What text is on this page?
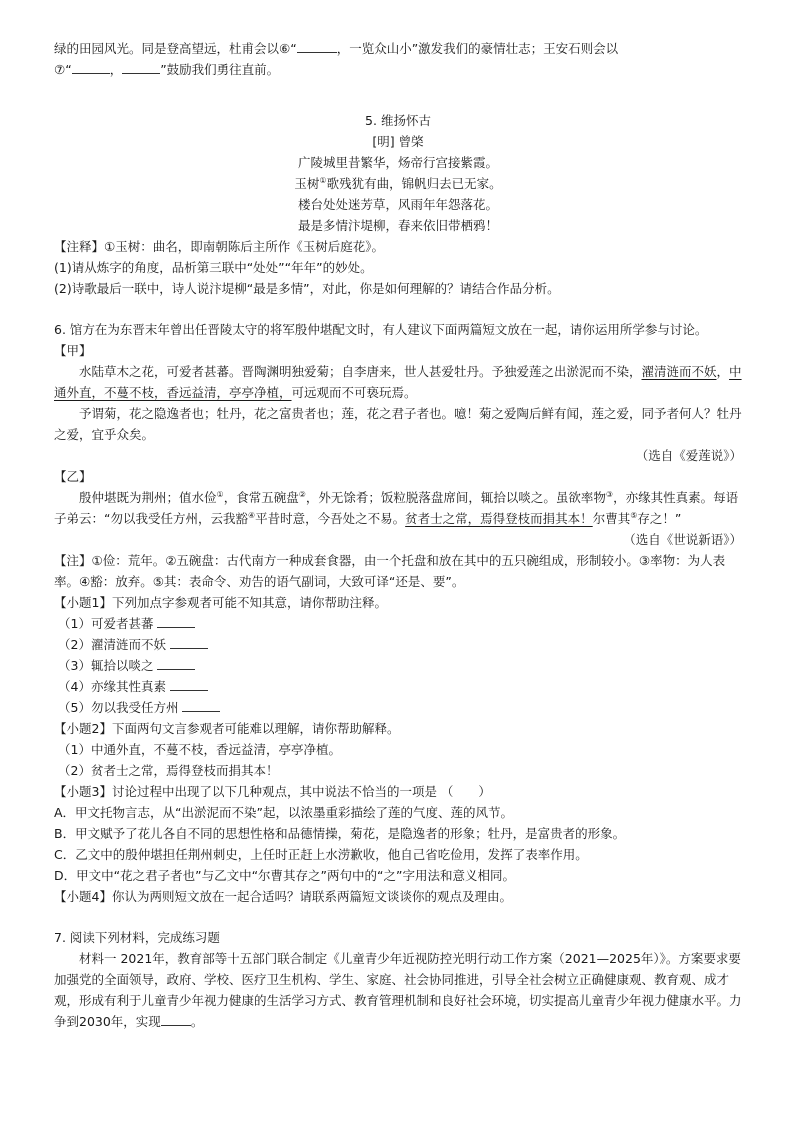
绿的田园风光。同是登高望远，杜甫会以⑥“	，一览众山小”激发我们的豪情壮志；王安石则会以

⑦“	，	”鼓励我们勇往直前。

5. 维扬怀古

[明] 曾棨

广陵城里昔繁华，炀帝行宫接紫霞。

玉树①歌残犹有曲，锦帆归去已无家。

楼台处处迷芳草，风雨年年怨落花。

最是多情汴堤柳，春来依旧带栖鸦！

【注释】①玉树：曲名，即南朝陈后主所作《玉树后庭花》。

(1)请从炼字的角度，品析第三联中“处处”“年年”的妙处。

(2)诗歌最后一联中，诗人说汴堤柳“最是多情”，对此，你是如何理解的？请结合作品分析。

6. 馆方在为东晋末年曾出任晋陵太守的将军殷仲堪配文时，有人建议下面两篇短文放在一起，请你运用所学参与讨论。

【甲】

水陆草木之花，可爱者甚蕃。晋陶渊明独爱菊；自李唐来，世人甚爱牡丹。予独爱莲之出淤泥而不染，濯清涟而不妖，中通外直，不蔓不枝，香远益清，亭亭净植，可远观而不可亵玩焉。

予谓菊，花之隐逸者也；牡丹，花之富贵者也；莲，花之君子者也。噫！菊之爱陶后鲜有闻，莲之爱，同予者何人？牡丹之爱，宜乎众矣。

（选自《爱莲说》）

【乙】

殷仲堪既为荆州；值水俭①，食常五碗盘②，外无馀肴；饭粒脱落盘席间，辄拾以啖之。虽欲率物③，亦缘其性真素。每语子弟云：“勿以我受任方州，云我豁④平昔时意，今吾处之不易。贫者士之常，焉得登枝而捐其本！尔曹其⑤存之！”

（选自《世说新语》）

【注】①俭：荒年。②五碗盘：古代南方一种成套食器，由一个托盘和放在其中的五只碗组成，形制较小。③率物：为人表率。④豁：放弃。⑤其：表命令、劝告的语气副词，大致可译“还是、要”。

【小题1】下列加点字参观者可能不知其意，请你帮助注释。

（1）可爱者甚蕃

（2）濯清涟而不妖

（3）辄拾以啖之

（4）亦缘其性真素

（5）勿以我受任方州

【小题2】下面两句文言参观者可能难以理解，请你帮助解释。

（1）中通外直，不蔓不枝，香远益清，亭亭净植。

（2）贫者士之常，焉得登枝而捐其本！

【小题3】讨论过程中出现了以下几种观点，其中说法不恰当的一项是 （　　）

A．甲文托物言志，从“出淤泥而不染”起，以浓墨重彩描绘了莲的气度、莲的风节。

B．甲文赋予了花儿各自不同的思想性格和品德情操，菊花，是隐逸者的形象；牡丹，是富贵者的形象。

C．乙文中的殷仲堪担任荆州刺史，上任时正赶上水涝歉收，他自己省吃俭用，发挥了表率作用。

D．甲文中“花之君子者也”与乙文中“尔曹其存之”两句中的“之”字用法和意义相同。

【小题4】你认为两则短文放在一起合适吗？请联系两篇短文谈谈你的观点及理由。

7. 阅读下列材料，完成练习题

材料一 2021年，教育部等十五部门联合制定《儿童青少年近视防控光明行动工作方案（2021—2025年）》。方案要求要加强党的全面领导，政府、学校、医疗卫生机构、学生、家庭、社会协同推进，引导全社会树立正确健康观、教育观、成才观，形成有利于儿童青少年视力健康的生活学习方式、教育管理机制和良好社会环境，切实提高儿童青少年视力健康水平。力争到2030年，实现 。
